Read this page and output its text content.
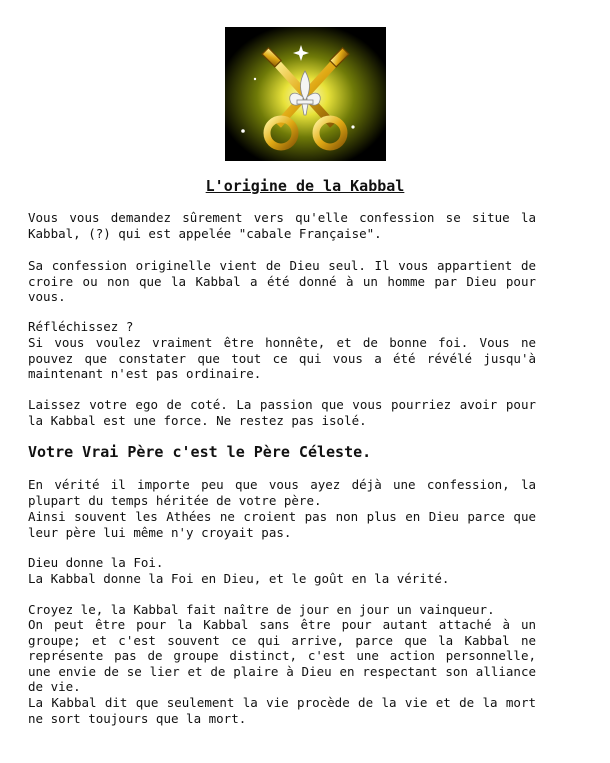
L'origine de la Kabbal
Vous vous demandez sûrement vers qu'elle confession se situe la Kabbal, (?) qui est appelée "cabale Française".
Sa confession originelle vient de Dieu seul. Il vous appartient de croire ou non que la Kabbal a été donné à un homme par Dieu pour vous.
Réfléchissez ?
Si vous voulez vraiment être honnête, et de bonne foi. Vous ne pouvez que constater que tout ce qui vous a été révélé jusqu'à maintenant n'est pas ordinaire.
Laissez votre ego de coté. La passion que vous pourriez avoir pour la Kabbal est une force. Ne restez pas isolé.
Votre Vrai Père c'est le Père Céleste.
En vérité il importe peu que vous ayez déjà une confession, la plupart du temps héritée de votre père.
Ainsi souvent les Athées ne croient pas non plus en Dieu parce que leur père lui même n'y croyait pas.
Dieu donne la Foi.
La Kabbal donne la Foi en Dieu, et le goût en la vérité.
Croyez le, la Kabbal fait naître de jour en jour un vainqueur.
On peut être pour la Kabbal sans être pour autant attaché à un groupe; et c'est souvent ce qui arrive, parce que la Kabbal ne représente pas de groupe distinct, c'est une action personnelle, une envie de se lier et de plaire à Dieu en respectant son alliance de vie.
La Kabbal dit que seulement la vie procède de la vie et de la mort ne sort toujours que la mort.
